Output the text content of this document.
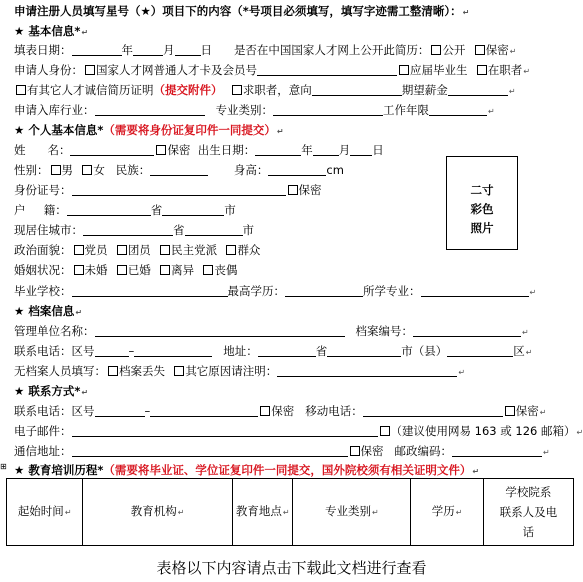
申请注册人员填写星号（★）项目下的内容（*号项目必须填写，填写字迹需工整清晰）：↵
★ 基本信息*↵
填表日期：	年	月 日 是否在中国国家人才网上公开此简历： 公开 保密↵
申请人身份： 国家人才网普通人才卡及会员号	应届毕业生 在职者↵
有其它人才诚信简历证明（提交附件） 求职者，意向	期望薪金	↵
申请入库行业：	专业类别：	工作年限	↵
★ 个人基本信息*（需要将身份证复印件一同提交）↵
姓 名：	保密 出生日期：	年 月 日
性别： 男 女 民族：	身高：	cm
身份证号：	保密
户 籍：	省	市
现居住城市：	省	市
政治面貌： 党员 团员 民主党派 群众
婚姻状况： 未婚 已婚 离异 丧偶
毕业学校：	最高学历：	所学专业：	↵
二寸
彩色
照片
★ 档案信息↵
管理单位名称：	档案编号：	↵
联系电话：区号	–	地址：	省	市（县）	区↵
无档案人员填写： 档案丢失 其它原因请注明：	↵
★ 联系方式*↵
联系电话：区号	–	保密 移动电话：	保密↵
电子邮件：	（建议使用网易 163 或 126 邮箱）↵
通信地址：	保密 邮政编码：	↵
⊞ ★ 教育培训历程*（需要将毕业证、学位证复印件一同提交，国外院校须有相关证明文件）↵
起始时间↵	教育机构↵	教育地点↵	专业类别↵	学历↵	
学校院系
联系人及电
话
表格以下内容请点击下载此文档进行查看
